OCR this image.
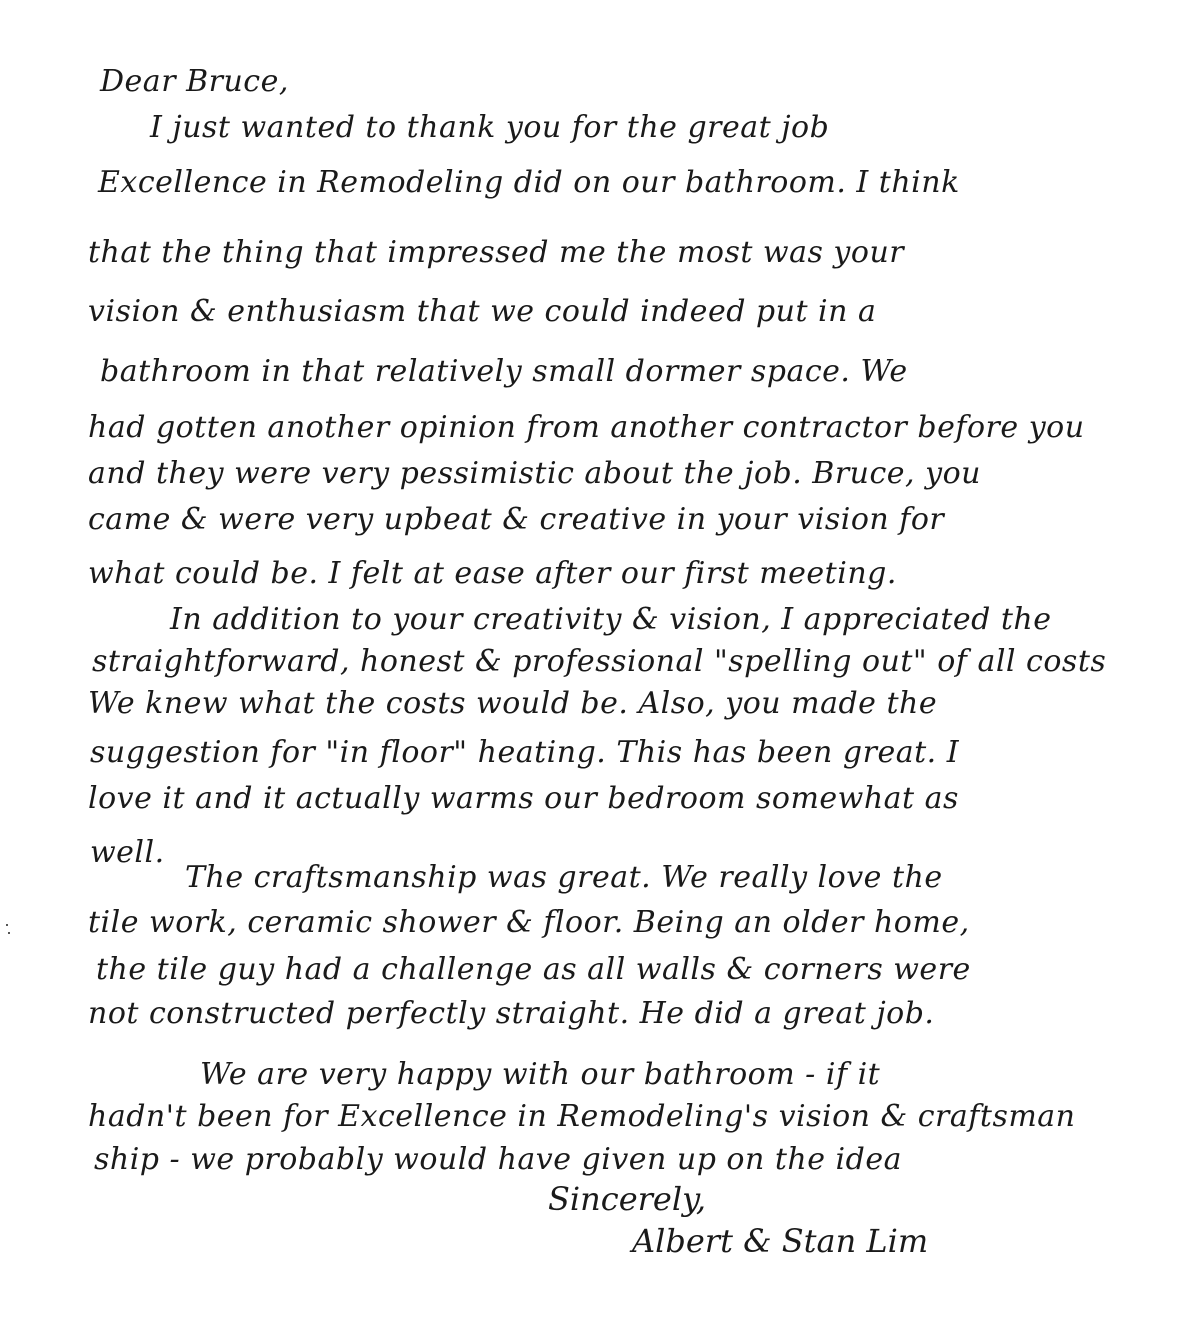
Dear Bruce,
I just wanted to thank you for the great job
Excellence in Remodeling did on our bathroom. I think
that the thing that impressed me the most was your
vision & enthusiasm that we could indeed put in a
bathroom in that relatively small dormer space. We
had gotten another opinion from another contractor before you
and they were very pessimistic about the job. Bruce, you
came & were very upbeat & creative in your vision for
what could be. I felt at ease after our first meeting.
In addition to your creativity & vision, I appreciated the
straightforward, honest & professional "spelling out" of all costs
We knew what the costs would be. Also, you made the
suggestion for "in floor" heating. This has been great. I
love it and it actually warms our bedroom somewhat as
well.
The craftsmanship was great. We really love the
tile work, ceramic shower & floor. Being an older home,
the tile guy had a challenge as all walls & corners were
not constructed perfectly straight. He did a great job.
We are very happy with our bathroom - if it
hadn't been for Excellence in Remodeling's vision & craftsman
ship - we probably would have given up on the idea
Sincerely,
Albert & Stan Lim
